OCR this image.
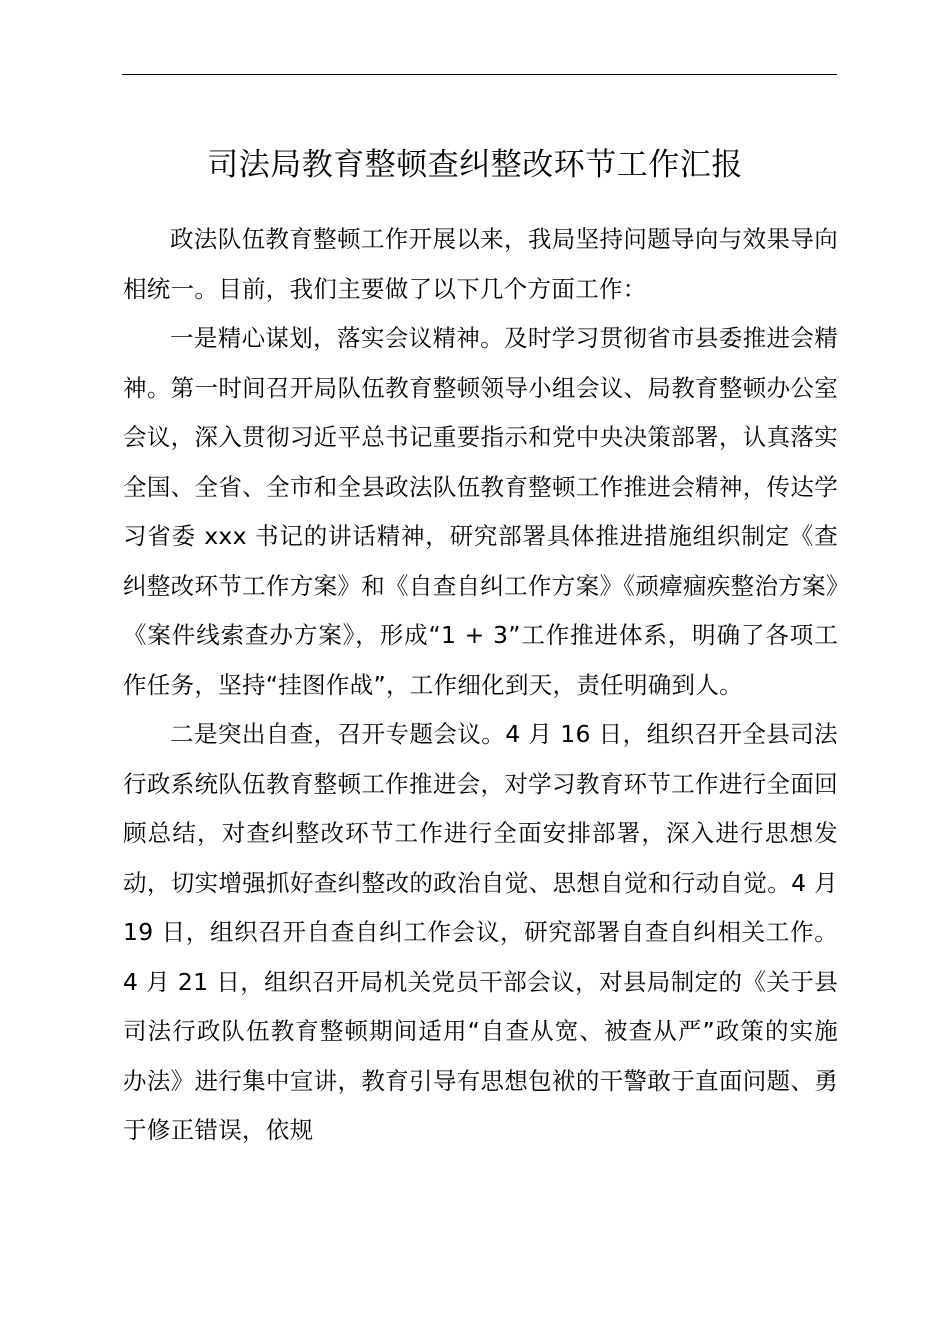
司法局教育整顿查纠整改环节工作汇报

政法队伍教育整顿工作开展以来，我局坚持问题导向与效果导向相统一。目前，我们主要做了以下几个方面工作：

一是精心谋划，落实会议精神。及时学习贯彻省市县委推进会精神。第一时间召开局队伍教育整顿领导小组会议、局教育整顿办公室会议，深入贯彻习近平总书记重要指示和党中央决策部署，认真落实全国、全省、全市和全县政法队伍教育整顿工作推进会精神，传达学习省委 xxx 书记的讲话精神，研究部署具体推进措施组织制定《查纠整改环节工作方案》和《自查自纠工作方案》《顽瘴痼疾整治方案》《案件线索查办方案》，形成“1 + 3”工作推进体系，明确了各项工作任务，坚持“挂图作战”，工作细化到天，责任明确到人。

二是突出自查，召开专题会议。4 月 16 日，组织召开全县司法行政系统队伍教育整顿工作推进会，对学习教育环节工作进行全面回顾总结，对查纠整改环节工作进行全面安排部署，深入进行思想发动，切实增强抓好查纠整改的政治自觉、思想自觉和行动自觉。4 月 19 日，组织召开自查自纠工作会议，研究部署自查自纠相关工作。4 月 21 日，组织召开局机关党员干部会议，对县局制定的《关于县司法行政队伍教育整顿期间适用“自查从宽、被查从严”政策的实施办法》进行集中宣讲，教育引导有思想包袱的干警敢于直面问题、勇于修正错误，依规
